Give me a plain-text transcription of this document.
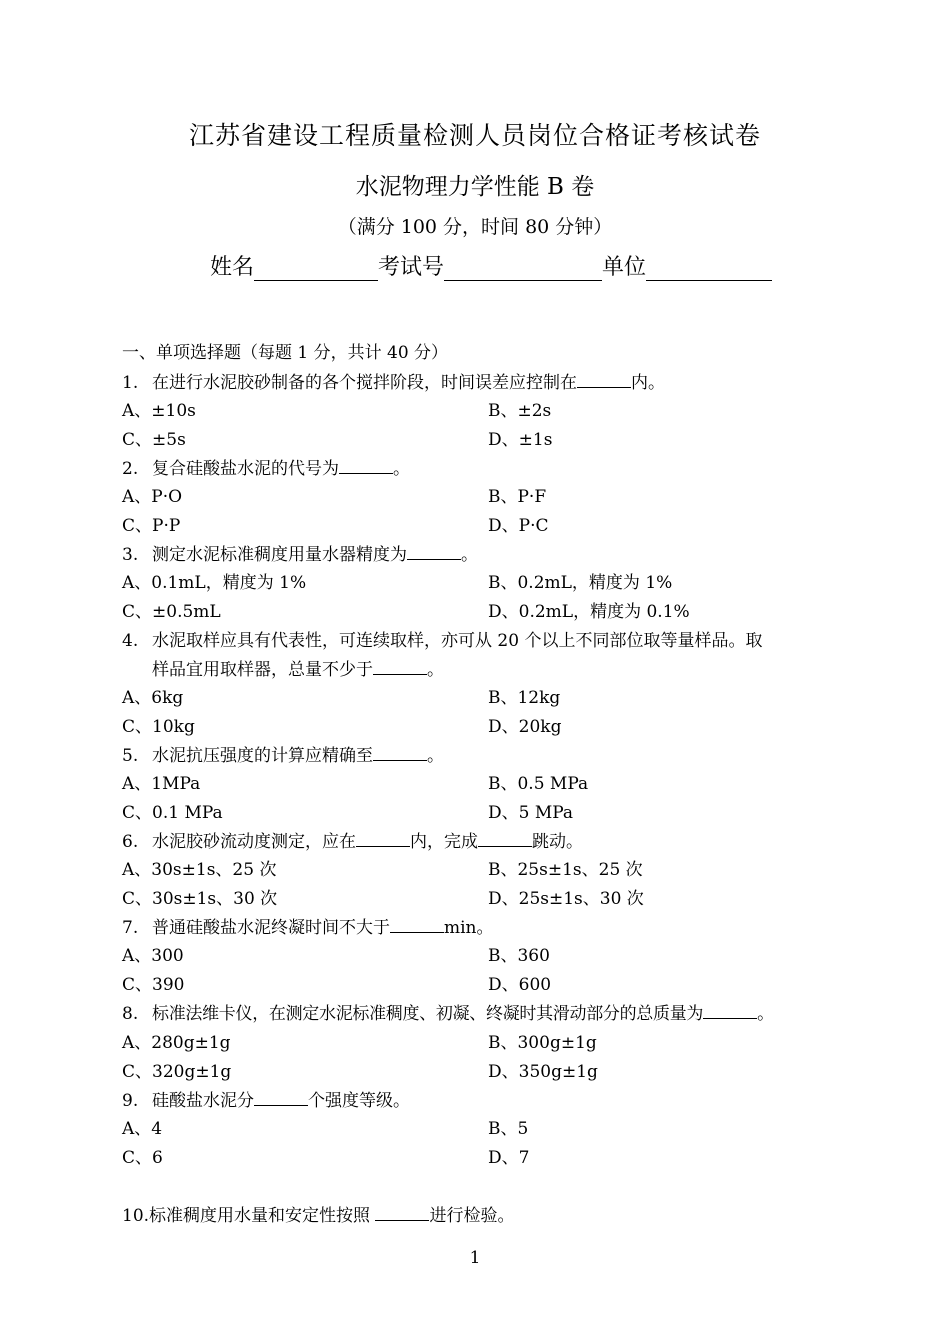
江苏省建设工程质量检测人员岗位合格证考核试卷
水泥物理力学性能 B 卷
（满分 100 分，时间 80 分钟）
姓名	考试号	单位
一、单项选择题（每题 1 分，共计 40 分）
1. 在进行水泥胶砂制备的各个搅拌阶段，时间误差应控制在	内。
A、±10s	B、±2s
C、±5s	D、±1s
2. 复合硅酸盐水泥的代号为	。
A、P·O	B、P·F
C、P·P	D、P·C
3. 测定水泥标准稠度用量水器精度为	。
A、0.1mL，精度为 1%	B、0.2mL，精度为 1%
C、±0.5mL	D、0.2mL，精度为 0.1%
4. 水泥取样应具有代表性，可连续取样，亦可从 20 个以上不同部位取等量样品。取
样品宜用取样器，总量不少于	。
A、6kg	B、12kg
C、10kg	D、20kg
5. 水泥抗压强度的计算应精确至	。
A、1MPa	B、0.5 MPa
C、0.1 MPa	D、5 MPa
6. 水泥胶砂流动度测定，应在	内，完成	跳动。
A、30s±1s、25 次	B、25s±1s、25 次
C、30s±1s、30 次	D、25s±1s、30 次
7. 普通硅酸盐水泥终凝时间不大于	min。
A、300	B、360
C、390	D、600
8. 标准法维卡仪，在测定水泥标准稠度、初凝、终凝时其滑动部分的总质量为	。
A、280g±1g	B、300g±1g
C、320g±1g	D、350g±1g
9. 硅酸盐水泥分	个强度等级。
A、4	B、5
C、6	D、7
10.标准稠度用水量和安定性按照	进行检验。
1
